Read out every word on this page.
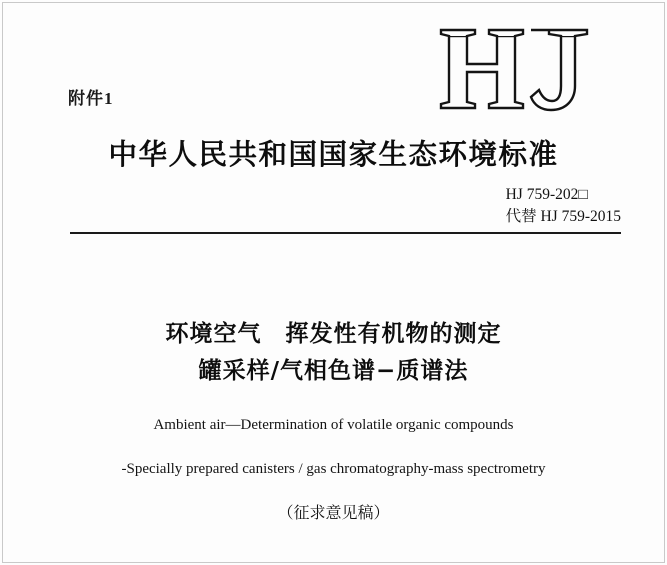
附件1
中华人民共和国国家生态环境标准
HJ 759-202□
代替 HJ 759-2015
环境空气　挥发性有机物的测定
罐采样/气相色谱−质谱法
Ambient air—Determination of volatile organic compounds
-Specially prepared canisters / gas chromatography-mass spectrometry
（征求意见稿）
